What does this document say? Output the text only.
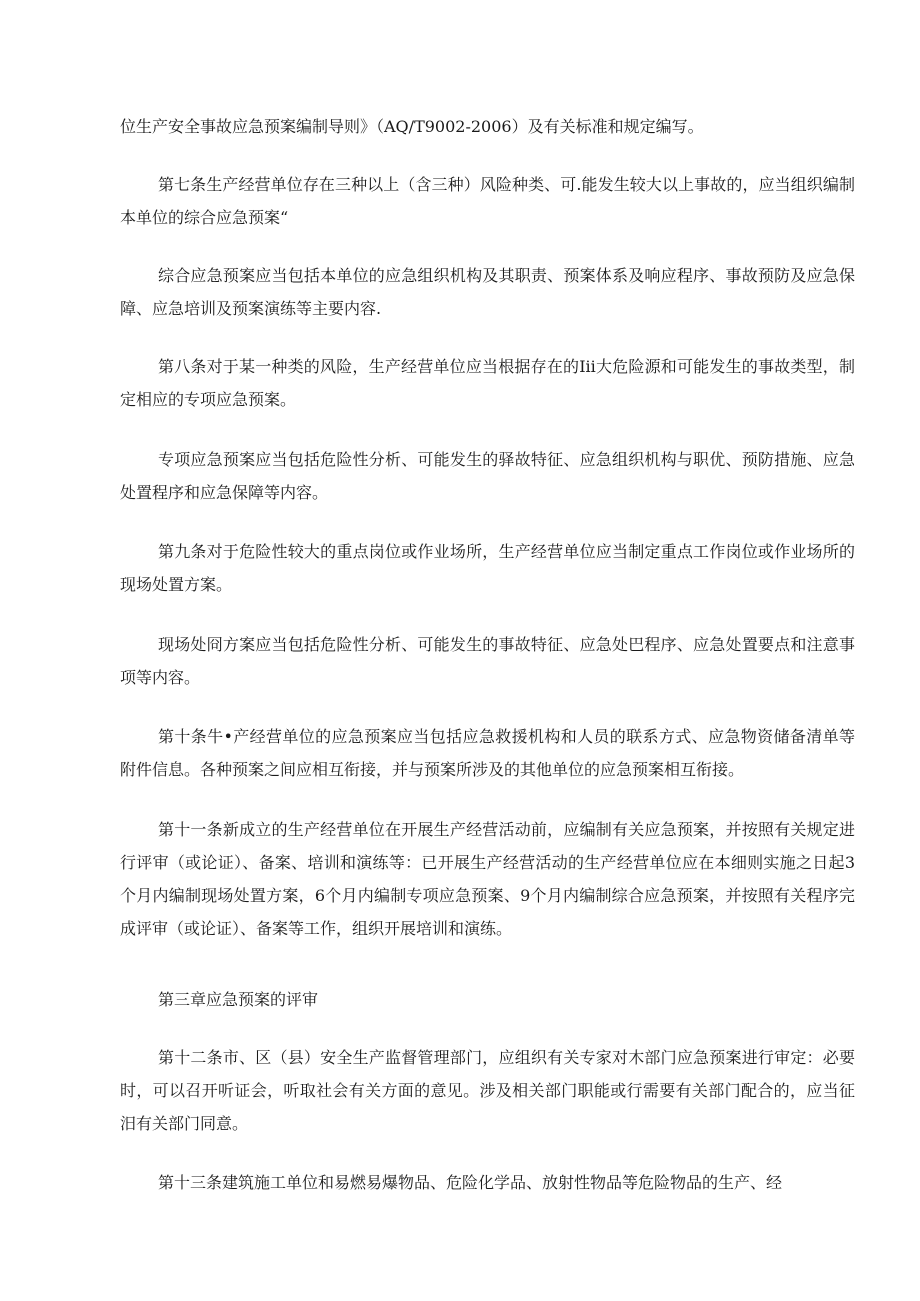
位生产安全事故应急预案编制导则》（AQ/T9002-2006）及有关标准和规定编写。

第七条生产经营单位存在三种以上（含三种）风险种类、可.能发生较大以上事故的，应当组织编制本单位的综合应急预案“

综合应急预案应当包括本单位的应急组织机构及其职责、预案体系及响应程序、事故预防及应急保障、应急培训及预案演练等主要内容.

第八条对于某一种类的风险，生产经营单位应当根据存在的Iii大危险源和可能发生的事故类型，制定相应的专项应急预案。

专项应急预案应当包括危险性分析、可能发生的驿故特征、应急组织机构与职优、预防措施、应急处置程序和应急保障等内容。

第九条对于危险性较大的重点岗位或作业场所，生产经营单位应当制定重点工作岗位或作业场所的现场处置方案。

现场处冏方案应当包括危险性分析、可能发生的事故特征、应急处巴程序、应急处置要点和注意事项等内容。

第十条牛•产经营单位的应急预案应当包括应急救援机构和人员的联系方式、应急物资储备清单等附件信息。各种预案之间应相互衔接，并与预案所涉及的其他单位的应急预案相互衔接。

第十一条新成立的生产经营单位在开展生产经营活动前，应编制有关应急预案，并按照有关规定进行评审（或论证）、备案、培训和演练等：已开展生产经营活动的生产经营单位应在本细则实施之日起3个月内编制现场处置方案，6个月内编制专项应急预案、9个月内编制综合应急预案，并按照有关程序完成评审（或论证）、备案等工作，组织开展培训和演练。

第三章应急预案的评审

第十二条市、区（县）安全生产监督管理部门，应组织有关专家对木部门应急预案进行审定：必要时，可以召开听证会，听取社会有关方面的意见。涉及相关部门职能或行需要有关部门配合的，应当征汨有关部门同意。

第十三条建筑施工单位和易燃易爆物品、危险化学品、放射性物品等危险物品的生产、经
